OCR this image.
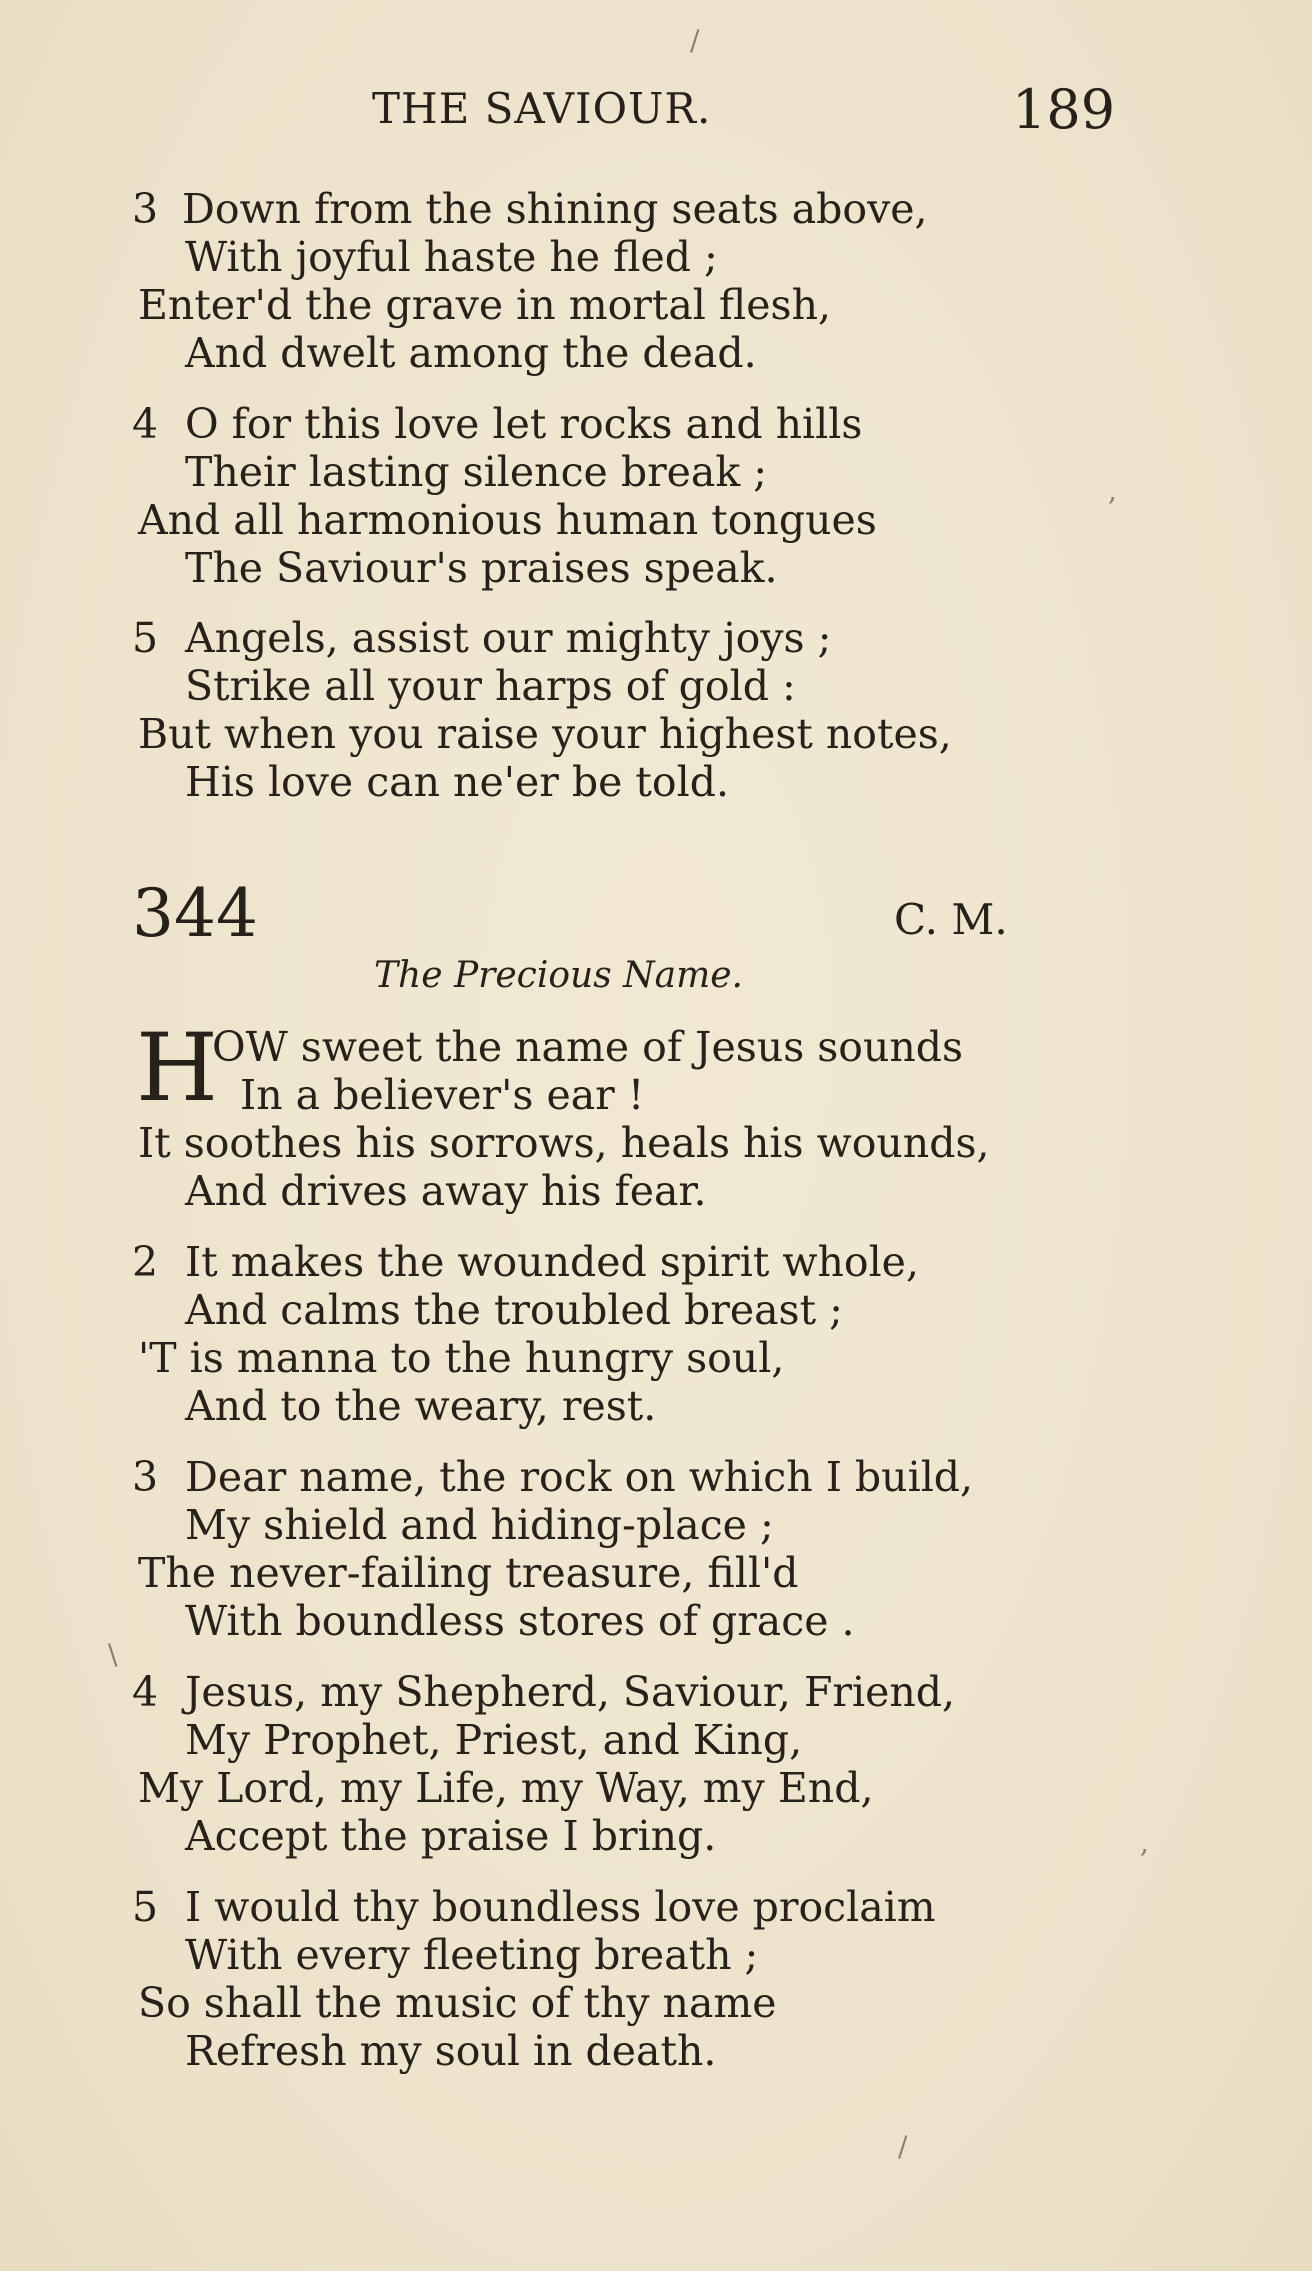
THE SAVIOUR.	189
3 Down from the shining seats above,
With joyful haste he fled ;
Enter'd the grave in mortal flesh,
And dwelt among the dead.
4 O for this love let rocks and hills
Their lasting silence break ;
And all harmonious human tongues
The Saviour's praises speak.
5 Angels, assist our mighty joys ;
Strike all your harps of gold :
But when you raise your highest notes,
His love can ne'er be told.
344	C. M.
The Precious Name.
H
OW sweet the name of Jesus sounds
In a believer's ear !
It soothes his sorrows, heals his wounds,
And drives away his fear.
2 It makes the wounded spirit whole,
And calms the troubled breast ;
'T is manna to the hungry soul,
And to the weary, rest.
3 Dear name, the rock on which I build,
My shield and hiding-place ;
The never-failing treasure, fill'd
With boundless stores of grace .
4 Jesus, my Shepherd, Saviour, Friend,
My Prophet, Priest, and King,
My Lord, my Life, my Way, my End,
Accept the praise I bring.
5 I would thy boundless love proclaim
With every fleeting breath ;
So shall the music of thy name
Refresh my soul in death.
/
,
\
,
/
